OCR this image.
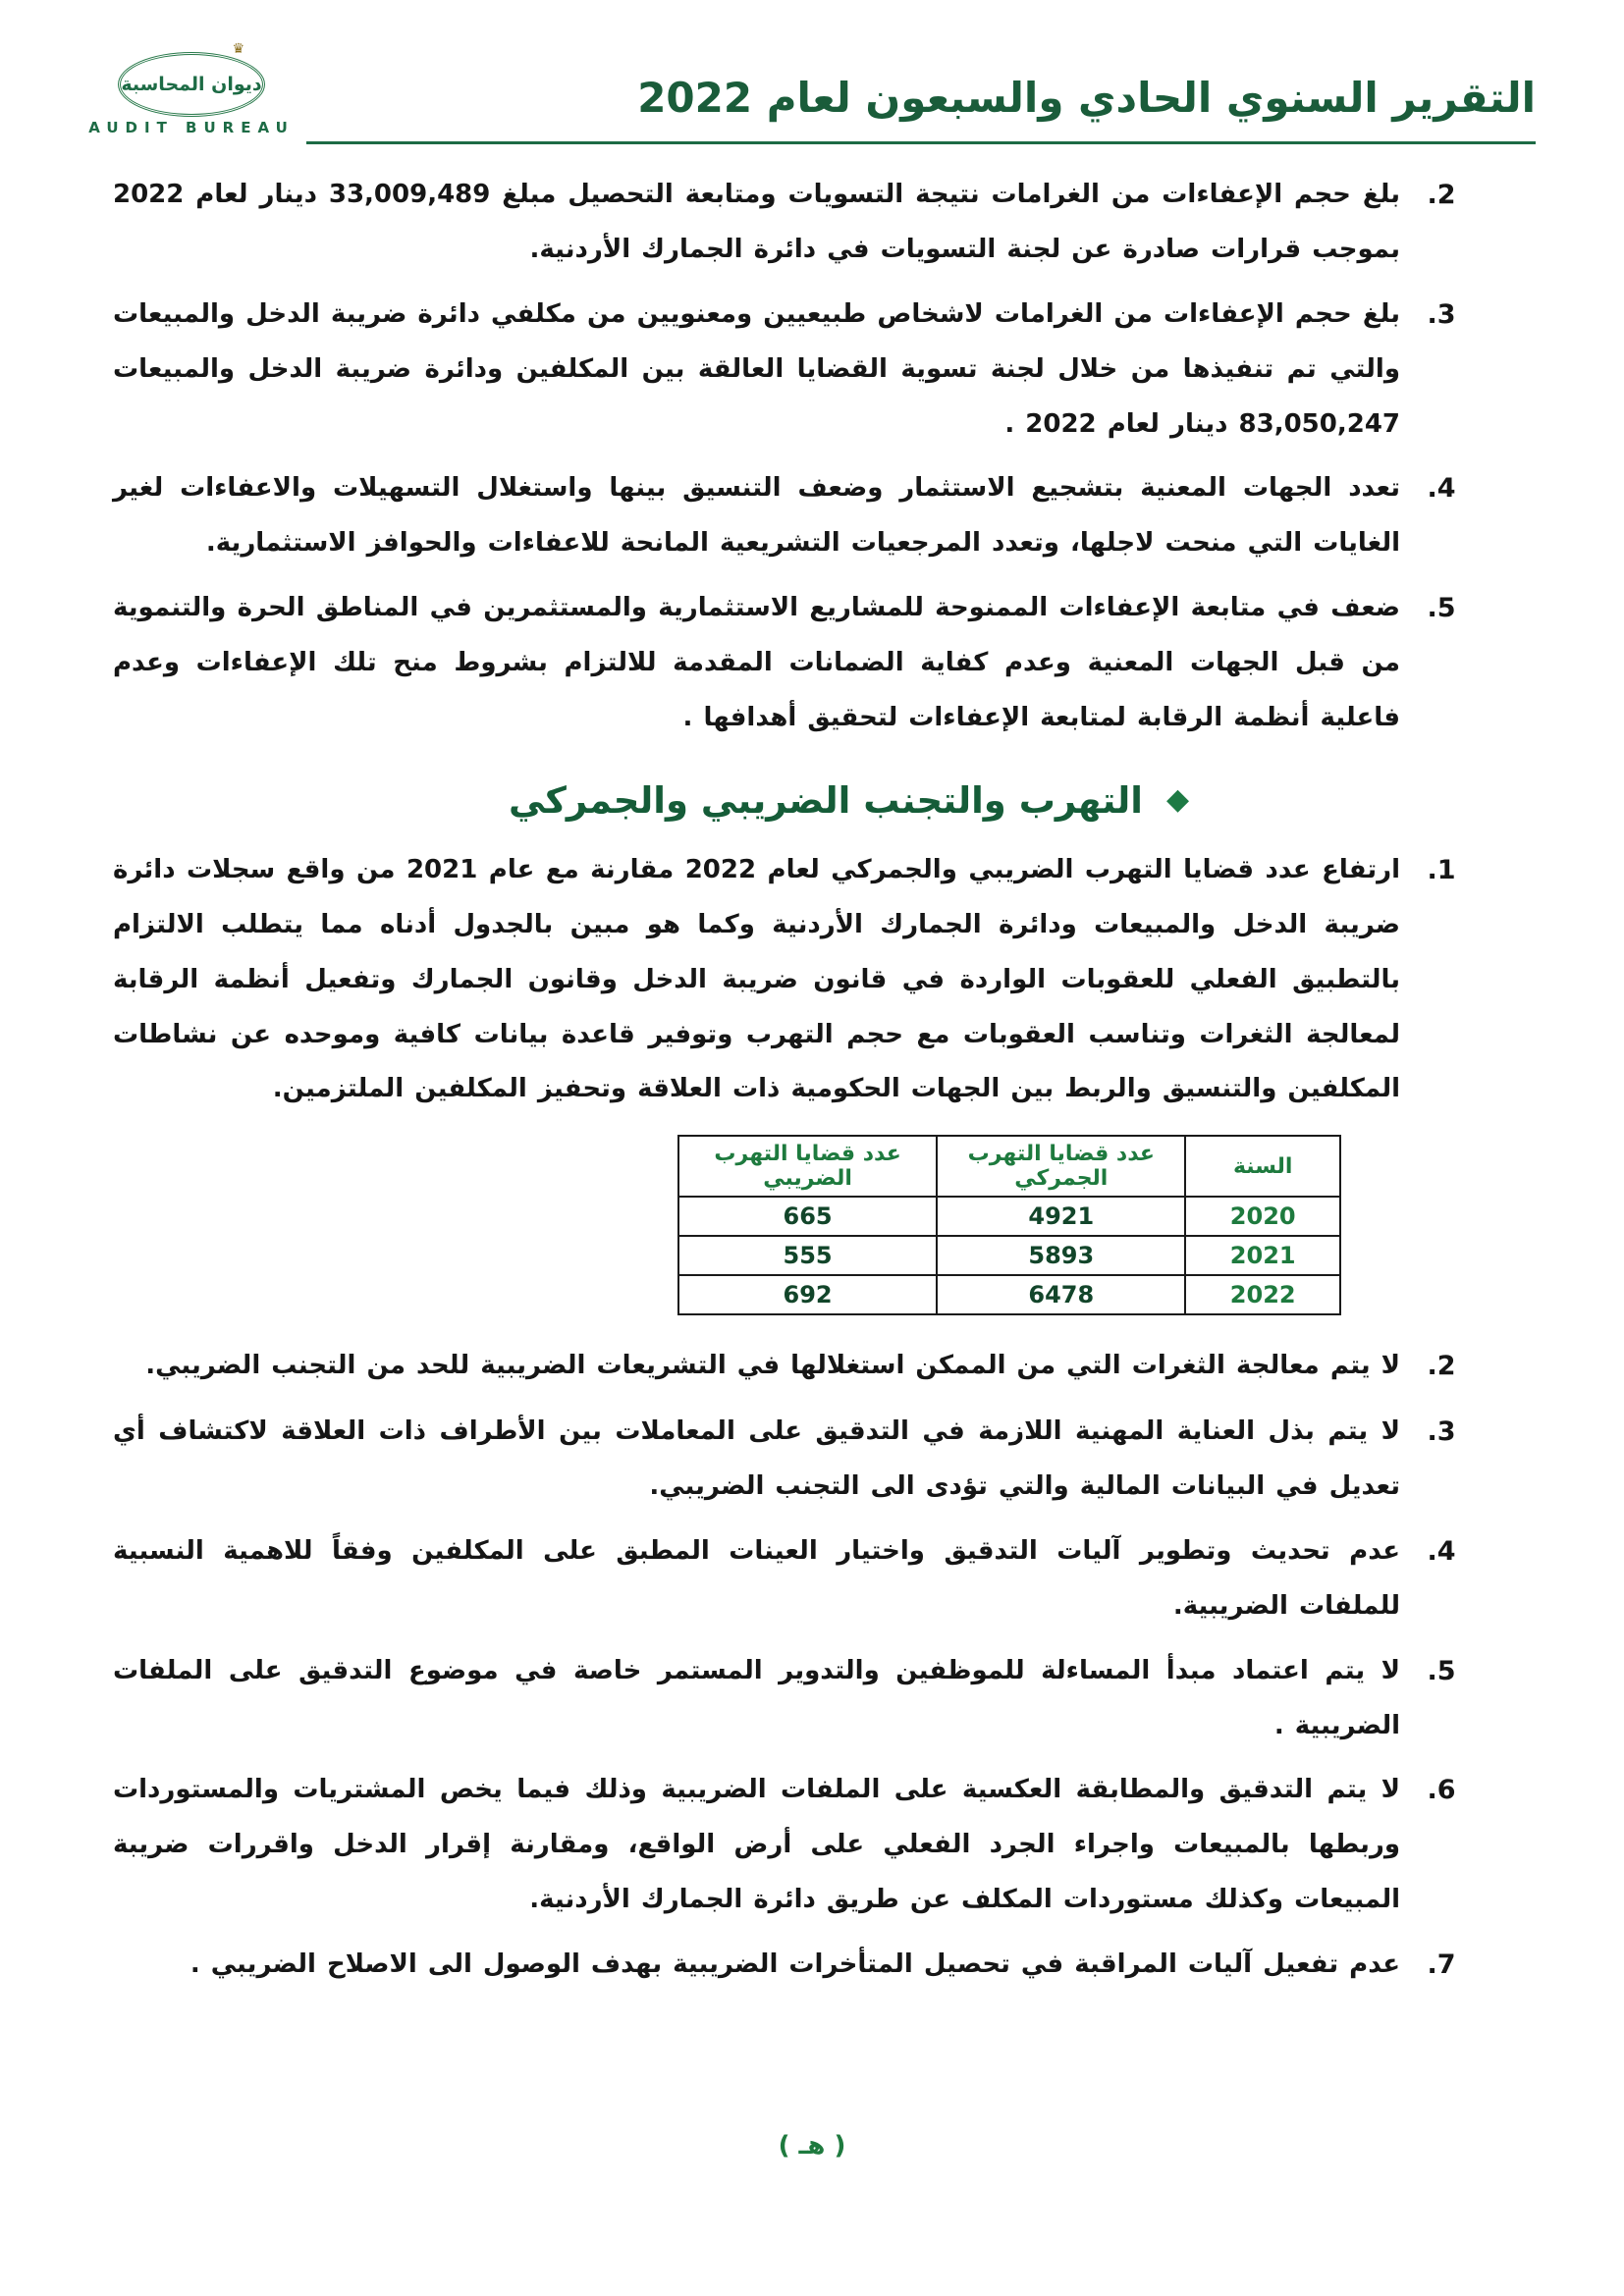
التقرير السنوي الحادي والسبعون لعام 2022
♛
ديوان المحاسبة
AUDIT BUREAU
2.

بلغ حجم الإعفاءات من الغرامات نتيجة التسويات ومتابعة التحصيل مبلغ 33,009,489 دينار لعام 2022 بموجب قرارات صادرة عن لجنة التسويات في دائرة الجمارك الأردنية.

3.

بلغ حجم الإعفاءات من الغرامات لاشخاص طبيعيين ومعنويين من مكلفي دائرة ضريبة الدخل والمبيعات والتي تم تنفيذها من خلال لجنة تسوية القضايا العالقة بين المكلفين ودائرة ضريبة الدخل والمبيعات 83,050,247 دينار لعام 2022 .

4.

تعدد الجهات المعنية بتشجيع الاستثمار وضعف التنسيق بينها واستغلال التسهيلات والاعفاءات لغير الغايات التي منحت لاجلها، وتعدد المرجعيات التشريعية المانحة للاعفاءات والحوافز الاستثمارية.

5.

ضعف في متابعة الإعفاءات الممنوحة للمشاريع الاستثمارية والمستثمرين في المناطق الحرة والتنموية من قبل الجهات المعنية وعدم كفاية الضمانات المقدمة للالتزام بشروط منح تلك الإعفاءات وعدم فاعلية أنظمة الرقابة لمتابعة الإعفاءات لتحقيق أهدافها .

◆
التهرب والتجنب الضريبي والجمركي
1.

ارتفاع عدد قضايا التهرب الضريبي والجمركي لعام 2022 مقارنة مع عام 2021 من واقع سجلات دائرة ضريبة الدخل والمبيعات ودائرة الجمارك الأردنية وكما هو مبين بالجدول أدناه مما يتطلب الالتزام بالتطبيق الفعلي للعقوبات الواردة في قانون ضريبة الدخل وقانون الجمارك وتفعيل أنظمة الرقابة لمعالجة الثغرات وتناسب العقوبات مع حجم التهرب وتوفير قاعدة بيانات كافية وموحده عن نشاطات المكلفين والتنسيق والربط بين الجهات الحكومية ذات العلاقة وتحفيز المكلفين الملتزمين.

السنة	عدد قضايا التهرب الجمركي	عدد قضايا التهرب الضريبي
2020	4921	665
2021	5893	555
2022	6478	692
2.

لا يتم معالجة الثغرات التي من الممكن استغلالها في التشريعات الضريبية للحد من التجنب الضريبي.

3.

لا يتم بذل العناية المهنية اللازمة في التدقيق على المعاملات بين الأطراف ذات العلاقة لاكتشاف أي تعديل في البيانات المالية والتي تؤدى الى التجنب الضريبي.

4.

عدم تحديث وتطوير آليات التدقيق واختيار العينات المطبق على المكلفين وفقاً للاهمية النسبية للملفات الضريبية.

5.

لا يتم اعتماد مبدأ المساءلة للموظفين والتدوير المستمر خاصة في موضوع التدقيق على الملفات الضريبية .

6.

لا يتم التدقيق والمطابقة العكسية على الملفات الضريبية وذلك فيما يخص المشتريات والمستوردات وربطها بالمبيعات واجراء الجرد الفعلي على أرض الواقع، ومقارنة إقرار الدخل واقررات ضريبة المبيعات وكذلك مستوردات المكلف عن طريق دائرة الجمارك الأردنية.

7.

عدم تفعيل آليات المراقبة في تحصيل المتأخرات الضريبية بهدف الوصول الى الاصلاح الضريبي .

( هـ )
